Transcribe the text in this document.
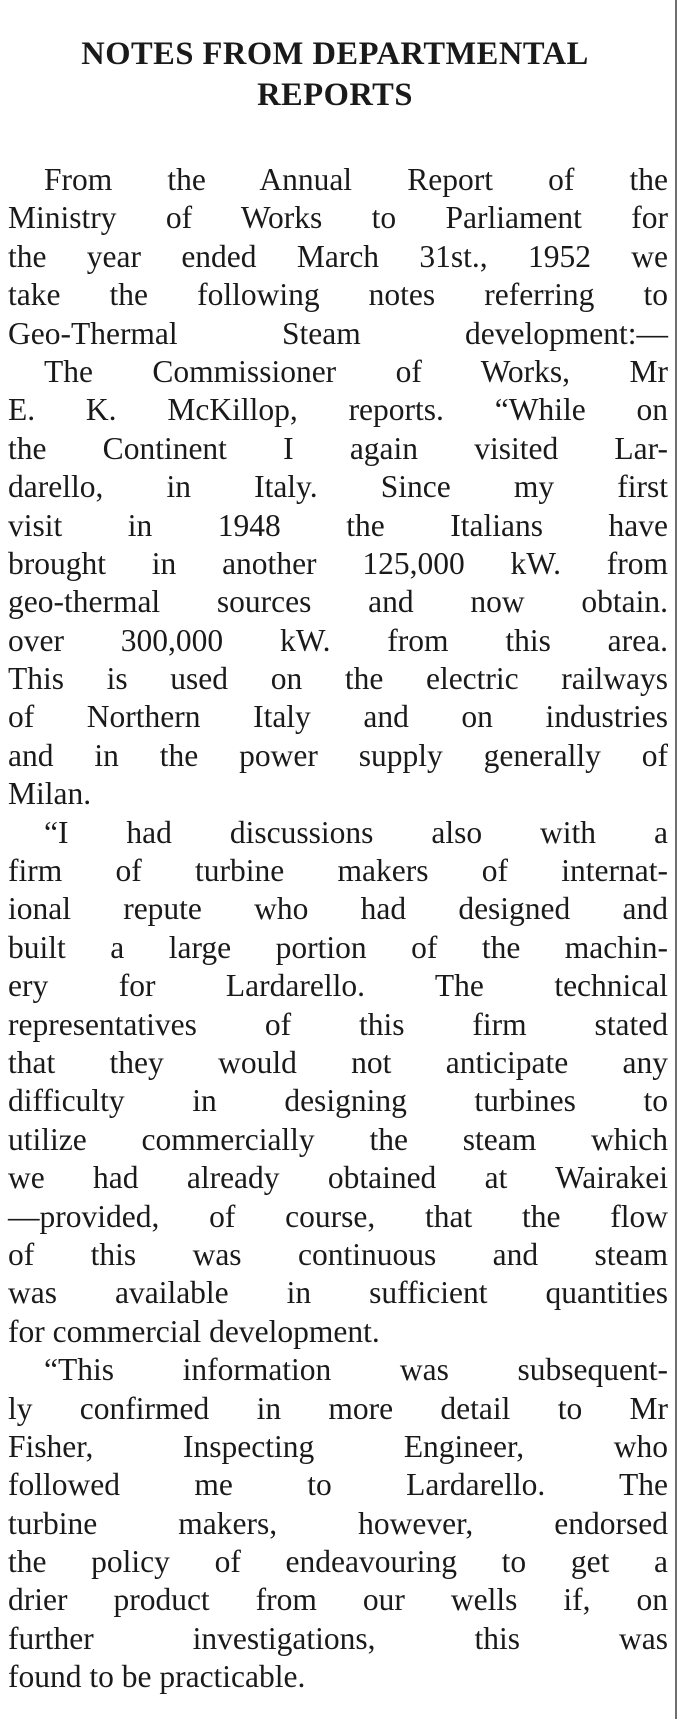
NOTES FROM DEPARTMENTAL
REPORTS
From the Annual Report of the
Ministry of Works to Parliament for
the year ended March 31st., 1952 we
take the following notes referring to
Geo-Thermal Steam development:—
The Commissioner of Works, Mr
E. K. McKillop, reports. “While on
the Continent I again visited Lar-
darello, in Italy. Since my first
visit in 1948 the Italians have
brought in another 125,000 kW. from
geo-thermal sources and now obtain.
over 300,000 kW. from this area.
This is used on the electric railways
of Northern Italy and on industries
and in the power supply generally of
Milan.
“I had discussions also with a
firm of turbine makers of internat-
ional repute who had designed and
built a large portion of the machin-
ery for Lardarello. The technical
representatives of this firm stated
that they would not anticipate any
difficulty in designing turbines to
utilize commercially the steam which
we had already obtained at Wairakei
—provided, of course, that the flow
of this was continuous and steam
was available in sufficient quantities
for commercial development.
“This information was subsequent-
ly confirmed in more detail to Mr
Fisher, Inspecting Engineer, who
followed me to Lardarello. The
turbine makers, however, endorsed
the policy of endeavouring to get a
drier product from our wells if, on
further investigations, this was
found to be practicable.
